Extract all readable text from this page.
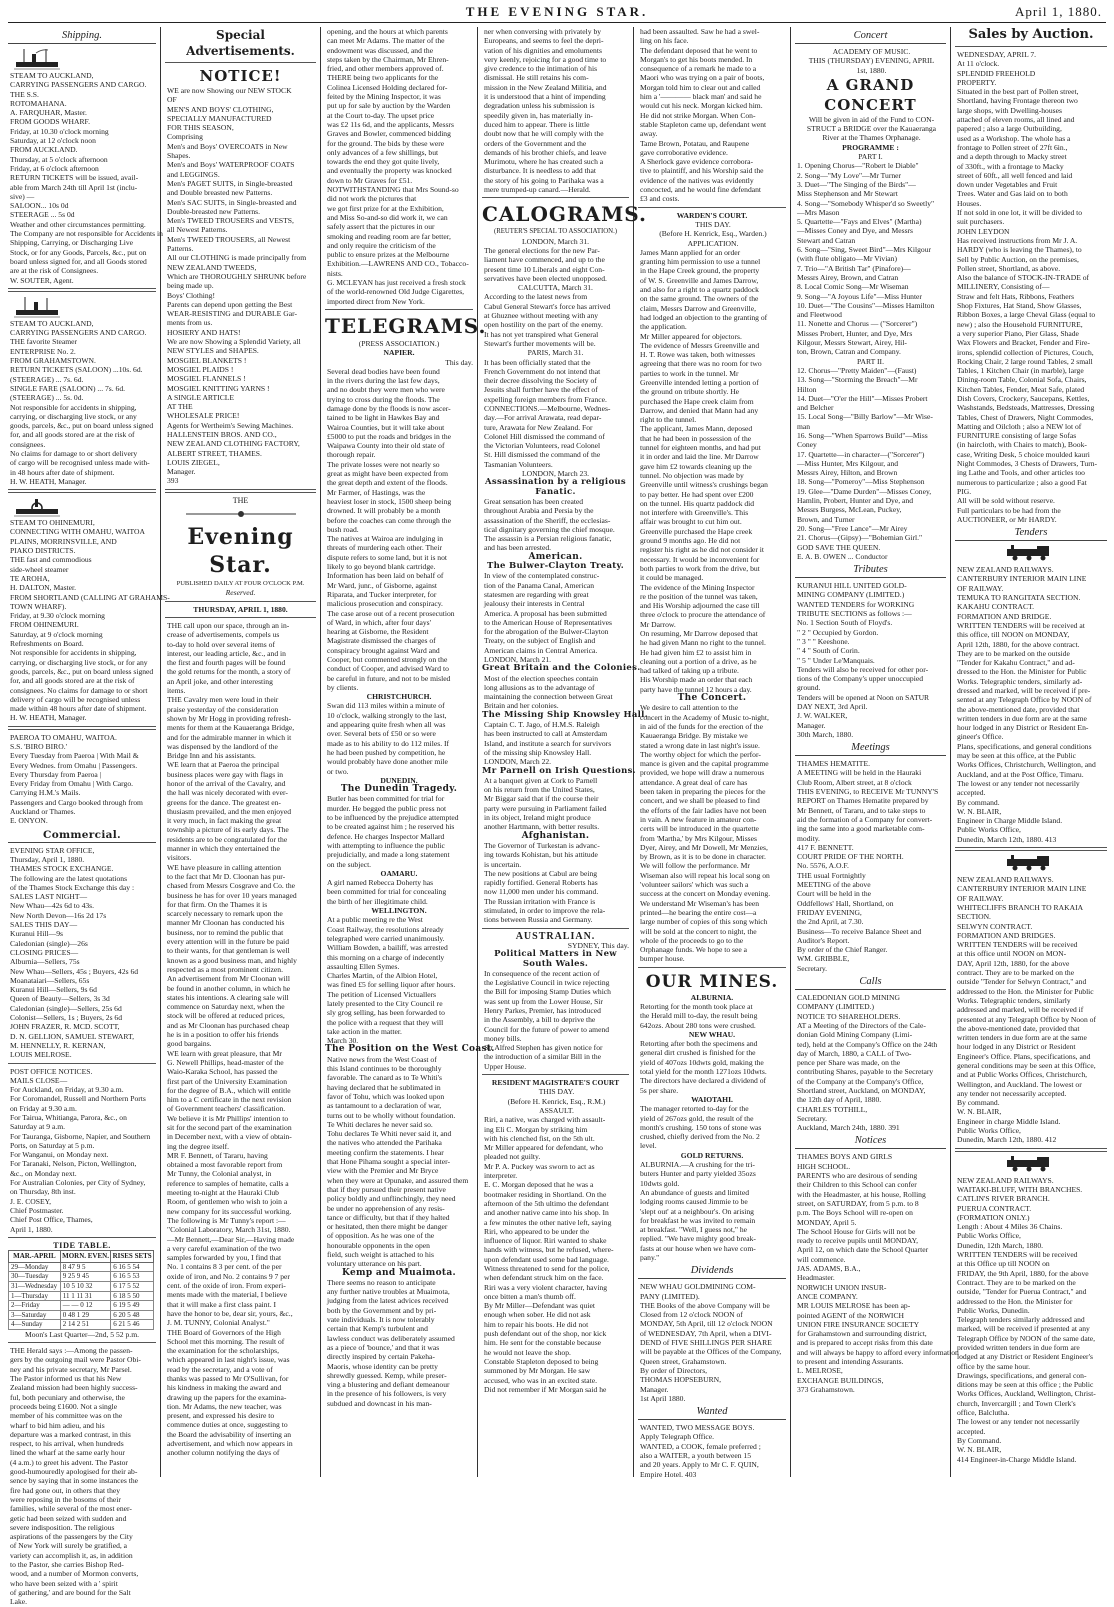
THE EVENING STAR.	April 1, 1880.
Shipping.
STEAM TO AUCKLAND,
CARRYING PASSENGERS AND CARGO.
THE S.S.
ROTOMAHANA.
A. FARQUHAR, Master.
FROM GOODS WHARF.
Friday, at 10.30 o'clock morning
Saturday, at 12 o'clock noon
FROM AUCKLAND.
Thursday, at 5 o'clock afternoon
Friday, at 6 o'clock afternoon
RETURN TICKETS will be issued, avail-
able from March 24th till April 1st (inclu-
sive) —
SALOON... 10s 0d
STEERAGE ... 5s 0d
Weather and other circumstances permitting.
The Company are not responsible for Accidents in
Shipping, Carrying, or Discharging Live
Stock, or for any Goods, Parcels, &c., put on
board unless signed for, and all Goods stored
are at the risk of Consignees.
W. SOUTER, Agent.
STEAM TO AUCKLAND,
CARRYING PASSENGERS AND CARGO.
THE favorite Steamer
ENTERPRISE No. 2.
FROM GRAHAMSTOWN.
RETURN TICKETS (SALOON) ...10s. 6d.
(STEERAGE) ... 7s. 6d.
SINGLE FARE (SALOON) ... 7s. 6d.
(STEERAGE) ... 5s. 0d.
Not responsible for accidents in shipping,
carrying, or discharging live stock, or any
goods, parcels, &c., put on board unless signed
for, and all goods stored are at the risk of
consignees.
No claims for damage to or short delivery
of cargo will be recognised unless made with-
in 48 hours after date of shipment.
H. W. HEATH, Manager.
STEAM TO OHINEMURI,
CONNECTING WITH OMAHU, WAITOA
PLAINS, MORRINSVILLE, AND
PIAKO DISTRICTS.
THE fast and commodious
side-wheel steamer
TE AROHA,
H. DALTON, Master.
FROM SHORTLAND (CALLING AT GRAHAMS-
TOWN WHARF).
Friday, at 9.30 o'clock morning
FROM OHINEMURI.
Saturday, at 9 o'clock morning
Refreshments on Board.
Not responsible for accidents in shipping,
carrying, or discharging live stock, or for any
goods, parcels, &c., put on board unless signed
for, and all goods stored are at the risk of
consignees. No claims for damage to or short
delivery of cargo will be recognised unless
made within 48 hours after date of shipment.
H. W. HEATH, Manager.
PAEROA TO OMAHU, WAITOA.
S.S. 'BIRO BIRO.'
Every Tuesday from Paeroa | With Mail &
Every Wednes. from Omahu | Passengers.
Every Thursday from Paeroa |
Every Friday from Omahu | With Cargo.
Carrying H.M.'s Mails.
Passengers and Cargo booked through from
Auckland or Thames.
E. ONYON.
Commercial.
EVENING STAR OFFICE,
Thursday, April 1, 1880.
THAMES STOCK EXCHANGE.
The following are the latest quotations
of the Thames Stock Exchange this day :
SALES LAST NIGHT—
New Whau—42s 6d to 43s.
New North Devon—16s 2d 17s
SALES THIS DAY—
Kuranui Hill—9s
Caledonian (single)—26s
CLOSING PRICES—
Alburnia—Sellers, 75s
New Whau—Sellers, 45s ; Buyers, 42s 6d
Moanataiari—Sellers, 65s
Kuranui Hill—Sellers, 9s 6d
Queen of Beauty—Sellers, 3s 3d
Caledonian (single)—Sellers, 25s 6d
Colonist—Sellers, 1s ; Buyers, 2s 6d
JOHN FRAZER, R. MCD. SCOTT,
D. N. GELLION, SAMUEL STEWART,
M. HENNELLY, R. KERNAN,
LOUIS MELROSE.
POST OFFICE NOTICES.
MAILS CLOSE—
For Auckland, on Friday, at 9.30 a.m.
For Coromandel, Russell and Northern Ports
on Friday at 9.30 a.m.
For Tairua, Whitianga, Parora, &c., on
Saturday at 9 a.m.
For Tauranga, Gisborne, Napier, and Southern
Ports, on Saturday at 5 p.m.
For Wanganui, on Monday next.
For Taranaki, Nelson, Picton, Wellington,
&c., on Monday next.
For Australian Colonies, per City of Sydney,
on Thursday, 8th inst.
J. E. COSEY,
Chief Postmaster.
Chief Post Office, Thames,
April 1, 1880.
TIDE TABLE.
MAR.-APRIL	MORN. EVEN.	RISES SETS
29—Monday	8 47 9 5	6 16 5 54
30—Tuesday	9 25 9 45	6 16 5 53
31—Wednesday	10 5 10 32	6 17 5 52
1—Thursday	11 1 11 31	6 18 5 50
2—Friday	— — 0 12	6 19 5 49
3—Saturday	0 48 1 29	6 20 5 48
4—Sunday	2 14 2 51	6 21 5 46
Moon's Last Quarter—2nd, 5 52 p.m.
THE Herald says :—Among the passen-
gers by the outgoing mail were Pastor Obi-
ney and his private secretary, Mr Parsel.
The Pastor informed us that his New
Zealand mission had been highly success-
ful, both pecuniary and otherwise, the
proceeds being £1600. Not a single
member of his committee was on the
wharf to bid him adieu, and his
departure was a marked contrast, in this
respect, to his arrival, when hundreds
lined the wharf at the same early hour
(4 a.m.) to greet his advent. The Pastor
good-humouredly apologised for their ab-
sence by saying that in some instances the
fire had gone out, in others that they
were reposing in the bosoms of their
families, while several of the most ener-
getic had been seized with sudden and
severe indisposition. The religious
aspirations of the passengers by the City
of New York will surely be gratified, a
variety can accomplish it, as, in addition
to the Pastor, she carries Bishop Red-
wood, and a number of Mormon converts,
who have been seized with a ' spirit
of gathering,' and are bound for the Salt
Lake.
Special Advertisements.
NOTICE!
WE are now Showing our NEW STOCK
OF
MEN'S AND BOYS' CLOTHING,
SPECIALLY MANUFACTURED
FOR THIS SEASON,
Comprising
Men's and Boys' OVERCOATS in New
Shapes.
Men's and Boys' WATERPROOF COATS
and LEGGINGS.
Men's PAGET SUITS, in Single-breasted
and Double breasted new Patterns.
Men's SAC SUITS, in Single-breasted and
Double-breasted new Patterns.
Men's TWEED TROUSERS and VESTS,
all Newest Patterns.
Men's TWEED TROUSERS, all Newest
Patterns.
All our CLOTHING is made principally from
NEW ZEALAND TWEEDS,
Which are THOROUGHLY SHRUNK before
being made up.
Boys' Clothing!
Parents can depend upon getting the Best
WEAR-RESISTING and DURABLE Gar-
ments from us.
HOSIERY AND HATS!
We are now Showing a Splendid Variety, all
NEW STYLES and SHAPES.
MOSGIEL BLANKETS !
MOSGIEL PLAIDS !
MOSGIEL FLANNELS !
MOSGIEL KNITTING YARNS !
A SINGLE ARTICLE
AT THE
WHOLESALE PRICE!
Agents for Wertheim's Sewing Machines.
HALLENSTEIN BROS. AND CO.,
NEW ZEALAND CLOTHING FACTORY,
ALBERT STREET, THAMES.
LOUIS ZIEGEL,
Manager.
393
THE
Evening Star.
PUBLISHED DAILY AT FOUR O'CLOCK P.M.
Reserved.
THURSDAY, APRIL 1, 1880.
THE call upon our space, through an in-
crease of advertisements, compels us
to-day to hold over several items of
interest, our leading article, &c., and in
the first and fourth pages will be found
the gold returns for the month, a story of
an April joke, and other interesting
items.
THE Cavalry men were loud in their
praise yesterday of the consideration
shown by Mr Hogg in providing refresh-
ments for them at the Kauaeranga Bridge,
and for the admirable manner in which it
was dispensed by the landlord of the
Bridge Inn and his assistants.
WE learn that at Paeroa the principal
business places were gay with flags in
honor of the arrival of the Cavalry, and
the hall was nicely decorated with ever-
greens for the dance. The greatest en-
thusiasm prevailed, and the men enjoyed
it very much, in fact making the great
township a picture of its early days. The
residents are to be congratulated for the
manner in which they entertained the
visitors.
WE have pleasure in calling attention
to the fact that Mr D. Cloonan has pur-
chased from Messrs Cosgrave and Co. the
business he has for over 10 years managed
for that firm. On the Thames it is
scarcely necessary to remark upon the
manner Mr Cloonan has conducted his
business, nor to remind the public that
every attention will in the future be paid
to their wants, for that gentleman is well
known as a good business man, and highly
respected as a most prominent citizen.
An advertisement from Mr Cloonan will
be found in another column, in which he
states his intentions. A clearing sale will
commence on Saturday next, when the
stock will be offered at reduced prices,
and as Mr Cloonan has purchased cheap
he is in a position to offer his friends
good bargains.
WE learn with great pleasure, that Mr
G. Newell Phillips, head-master of the
Waio-Karaka School, has passed the
first part of the University Examination
for the degree of B.A., which will entitle
him to a C certificate in the next revision
of Government teachers' classification.
We believe it is Mr Phillips' intention to
sit for the second part of the examination
in December next, with a view of obtain-
ing the degree itself.
MR F. Bennett, of Tararu, having
obtained a most favorable report from
Mr Tunny, the Colonial analyst, in
reference to samples of hematite, calls a
meeting to-night at the Hauraki Club
Room, of gentlemen who wish to join a
new company for its successful working.
The following is Mr Tunny's report :—
"Colonial Laboratory, March 31st, 1880.
—Mr Bennett,—Dear Sir,—Having made
a very careful examination of the two
samples forwarded by you, I find that
No. 1 contains 8 3 per cent. of the per
oxide of iron, and No. 2 contains 9 7 per
cent. of the oxide of iron. From experi-
ments made with the material, I believe
that it will make a first class paint. I
have the honor to be, dear sir, yours, &c.,
J. M. TUNNY, Colonial Analyst."
THE Board of Governors of the High
School met this morning. The result of
the examination for the scholarships,
which appeared in last night's issue, was
read by the secretary, and a vote of
thanks was passed to Mr O'Sullivan, for
his kindness in making the award and
drawing up the papers for the examina-
tion. Mr Adams, the new teacher, was
present, and expressed his desire to
commence duties at once, suggesting to
the Board the advisability of inserting an
advertisement, and which now appears in
another column notifying the days of
opening, and the hours at which parents
can meet Mr Adams. The matter of the
endowment was discussed, and the
steps taken by the Chairman, Mr Ehren-
fried, and other members approved of.
THERE being two applicants for the
Colinea Licensed Holding declared for-
feited by the Mining Inspector, it was
put up for sale by auction by the Warden
at the Court to-day. The upset price
was £2 11s 6d, and the applicants, Messrs
Graves and Bowler, commenced bidding
for the ground. The bids by these were
only advances of a few shillings, but
towards the end they got quite lively,
and eventually the property was knocked
down to Mr Graves for £51.
NOTWITHSTANDING that Mrs Sound-so
did not work the pictures that
we got first prize for at the Exhibition,
and Miss So-and-so did work it, we can
safely assert that the pictures in our
smoking and reading room are far better,
and only require the criticism of the
public to ensure prizes at the Melbourne
Exhibition.—LAWRENS AND CO., Tobacco-
nists.
G. MCLEYAN has just received a fresh stock
of the world-renowned Old Judge Cigarettes,
imported direct from New York.
TELEGRAMS.
(PRESS ASSOCIATION.)
NAPIER.
This day.
Several dead bodies have been found
in the rivers during the last few days,
and no doubt they were men who were
trying to cross during the floods. The
damage done by the floods is now ascer-
tained to be light in Hawkes Bay and
Wairoa Counties, but it will take about
£5000 to put the roads and bridges in the
Waipawa County into their old state of
thorough repair.
The private losses were not nearly so
great as might have been expected from
the great depth and extent of the floods.
Mr Farmer, of Hastings, was the
heaviest loser in stock, 1500 sheep being
drowned. It will probably be a month
before the coaches can come through the
bush road.
The natives at Wairoa are indulging in
threats of murdering each other. Their
dispute refers to some land, but it is not
likely to go beyond blank cartridge.
Information has been laid on behalf of
Mr Ward, junr., of Gisborne, against
Riparata, and Tucker interpreter, for
malicious prosecution and conspiracy.
The case arose out of a recent prosecution
of Ward, in which, after four days'
hearing at Gisborne, the Resident
Magistrate dismissed the charges of
conspiracy brought against Ward and
Cooper, but commented strongly on the
conduct of Cooper, and advised Ward to
be careful in future, and not to be misled
by clients.
CHRISTCHURCH.
Swan did 113 miles within a minute of
10 o'clock, walking strongly to the last,
and appearing quite fresh when all was
over. Several bets of £50 or so were
made as to his ability to do 112 miles. If
he had been pushed by competition, he
would probably have done another mile
or two.
DUNEDIN.
The Dunedin Tragedy.
Butler has been committed for trial for
murder. He begged the public press not
to be influenced by the prejudice attempted
to be created against him ; he reserved his
defence. He charges Inspector Mallard
with attempting to influence the public
prejudicially, and made a long statement
on the subject.
OAMARU.
A girl named Rebecca Doherty has
been committed for trial for concealing
the birth of her illegitimate child.
WELLINGTON.
At a public meeting re the West
Coast Railway, the resolutions already
telegraphed were carried unanimously.
William Bowden, a bailiff, was arrested
this morning on a charge of indecently
assaulting Ellen Symes.
Charles Martin, of the Albion Hotel,
was fined £5 for selling liquor after hours.
The petition of Licensed Victuallers
lately presented to the City Council re
sly grog selling, has been forwarded to
the police with a request that they will
take action in the matter.
March 30.
The Position on the West Coast.
Native news from the West Coast of
this Island continues to be thoroughly
favorable. The canard as to Te Whiti's
having declared that he sublimated in
favor of Tohu, which was looked upon
as tantamount to a declaration of war,
turns out to be wholly without foundation.
Te Whiti declares he never said so.
Tohu declares Te Whiti never said it, and
the natives who attended the Parihaka
meeting confirm the statements. I hear
that Hone Pihama sought a special inter-
view with the Premier and Mr Bryce
when they were at Opunake, and assured them
that if they pursued their present native
policy boldly and unflinchingly, they need
be under no apprehension of any resis-
tance or difficulty, but that if they halted
or hesitated, then there might be danger
of opposition. As he was one of the
honourable opponents in the open
field, such weight is attached to his
voluntary utterance on his part.
Kemp and Muaimota.
There seems no reason to anticipate
any further native troubles at Muaimota,
judging from the latest advices received
both by the Government and by pri-
vate individuals. It is now tolerably
certain that Kemp's turbulent and
lawless conduct was deliberately assumed
as a piece of 'bounce,' and that it was
directly inspired by certain Pakeha-
Maoris, whose identity can be pretty
shrewdly guessed. Kemp, while preser-
ving a blustering and defiant demeanour
in the presence of his followers, is very
subdued and downcast in his man-
ner when conversing with privately by
Europeans, and seems to feel the depri-
vation of his dignities and emoluments
very keenly, rejoicing for a good time to
give credence to the intimation of his
dismissal. He still retains his com-
mission in the New Zealand Militia, and
it is understood that a hint of impending
degradation unless his submission is
speedily given in, has materially in-
duced him to appear. There is little
doubt now that he will comply with the
orders of the Government and the
demands of his brother chiefs, and leave
Murimotu, where he has created such a
disturbance. It is needless to add that
the story of his going to Parihaka was a
mere trumped-up canard.—Herald.
CALOGRAMS.
(REUTER'S SPECIAL TO ASSOCIATION.)
LONDON, March 31.
The general elections for the new Par-
liament have commenced, and up to the
present time 10 Liberals and eight Con-
servatives have been elected unopposed.
CALCUTTA, March 31.
According to the latest news from
Cabul General Stewart's force has arrived
at Ghuznee without meeting with any
open hostility on the part of the enemy.
It has not yet transpired what General
Stewart's further movements will be.
PARIS, March 31.
It has been officially stated that the
French Government do not intend that
their decree dissolving the Society of
Jesuits shall further have the effect of
expelling foreign members from France.
CONNECTIONS.—Melbourne, Wednes-
day.—For arrival Arawata, read depar-
ture, Arawata for New Zealand. For
Colonel Hill dismissed the command of
the Victorian Volunteers, read Colonel
St. Hill dismissed the command of the
Tasmanian Volunteers.
LONDON, March 23.
Assassination by a religious Fanatic.
Great sensation has been created
throughout Arabia and Persia by the
assassination of the Sheriff, the ecclesias-
tical dignitary governing the chief mosque.
The assassin is a Persian religious fanatic,
and has been arrested.
American.
The Bulwer-Clayton Treaty.
In view of the contemplated construc-
tion of the Panama Canal, American
statesmen are regarding with great
jealousy their interests in Central
America. A proposal has been submitted
to the American House of Representatives
for the abrogation of the Bulwer-Clayton
Treaty, on the subject of English and
American claims in Central America.
LONDON, March 21.
Great Britain and the Colonies.
Most of the election speeches contain
long allusions as to the advantage of
maintaining the connection between Great
Britain and her colonies.
The Missing Ship Knowsley Hall.
Captain C. T. Jago, of H.M.S. Raleigh
has been instructed to call at Amsterdam
Island, and institute a search for survivors
of the missing ship Knowsley Hall.
LONDON, March 22.
Mr Parnell on Irish Questions.
At a banquet given at Cork to Parnell
on his return from the United States,
Mr Biggar said that if the course their
party were pursuing in Parliament failed
in its object, Ireland might produce
another Hartmann, with better results.
Afghanistan.
The Governor of Turkestan is advanc-
ing towards Kohistan, but his attitude
is uncertain.
The new positions at Cabul are being
rapidly fortified. General Roberts has
now 11,000 men under his command.
The Russian irritation with France is
stimulated, in order to improve the rela-
tions between Russia and Germany.
AUSTRALIAN.
SYDNEY, This day.
Political Matters in New South Wales.
In consequence of the recent action of
the Legislative Council in twice rejecting
the Bill for imposing Stamp Duties which
was sent up from the Lower House, Sir
Henry Parkes, Premier, has introduced
in the Assembly, a bill to deprive the
Council for the future of power to amend
money bills.
Sir Alfred Stephen has given notice for
the introduction of a similar Bill in the
Upper House.
RESIDENT MAGISTRATE'S COURT
THIS DAY.
(Before H. Kenrick, Esq., R.M.)
ASSAULT.
Riri, a native, was charged with assault-
ing Eli C. Morgan by striking him
with his clenched fist, on the 5th ult.
Mr Miller appeared for defendant, who
pleaded not guilty.
Mr P. A. Puckey was sworn to act as
interpreter.
E. C. Morgan deposed that he was a
bootmaker residing in Shortland. On the
afternoon of the 5th ultimo the defendant
and another native came into his shop. In
a few minutes the other native left, saying
Riri, who appeared to be under the
influence of liquor. Riri wanted to shake
hands with witness, but he refused, where-
upon defendant used some bad language.
Witness threatened to send for the police,
when defendant struck him on the face.
Riri was a very violent character, having
once bitten a man's thumb off.
By Mr Miller—Defendant was quiet
enough when sober. He did not ask
him to repair his boots. He did not
push defendant out of the shop, nor kick
him. He sent for the constable because
he would not leave the shop.
Constable Stapleton deposed to being
summoned by Mr Morgan. He saw
accused, who was in an excited state.
Did not remember if Mr Morgan said he
had been assaulted. Saw he had a swel-
ling on his face.
The defendant deposed that he went to
Morgan's to get his boots mended. In
consequence of a remark he made to a
Maori who was trying on a pair of boots,
Morgan told him to clear out and called
him a '———— black man' and said he
would cut his neck. Morgan kicked him.
He did not strike Morgan. When Con-
stable Stapleton came up, defendant went
away.
Tame Brown, Potatau, and Raupene
gave corroborative evidence.
A Sherlock gave evidence corrobora-
tive to plaintiff, and his Worship said the
evidence of the natives was evidently
concocted, and he would fine defendant
£3 and costs.
WARDEN'S COURT.
THIS DAY.
(Before H. Kenrick, Esq., Warden.)
APPLICATION.
James Mann applied for an order
granting him permission to use a tunnel
in the Hape Creek ground, the property
of W. S. Greenville and James Darrow,
and also for a right to a quartz paddock
on the same ground. The owners of the
claim, Messrs Darrow and Greenville,
had lodged an objection to the granting of
the application.
Mr Miller appeared for objectors.
The evidence of Messrs Greenville and
H. T. Rowe was taken, both witnesses
agreeing that there was no room for two
parties to work in the tunnel. Mr
Greenville intended letting a portion of
the ground on tribute shortly. He
purchased the Hape creek claim from
Darrow, and denied that Mann had any
right to the tunnel.
The applicant, James Mann, deposed
that he had been in possession of the
tunnel for eighteen months, and had put
it in order and laid the line. Mr Darrow
gave him £2 towards cleaning up the
tunnel. No objection was made by
Greenville until witness's crushings began
to pay better. He had spent over £200
on the tunnel. His quartz paddock did
not interfere with Greenville's. This
affair was brought to cut him out.
Greenville purchased the Hape creek
ground 9 months ago. He did not
register his right as he did not consider it
necessary. It would be inconvenient for
both parties to work from the drive, but
it could be managed.
The evidence of the Mining Inspector
re the position of the tunnel was taken,
and His Worship adjourned the case till
three o'clock to procure the attendance of
Mr Darrow.
On resuming, Mr Darrow deposed that
he had given Mann no right to the tunnel.
He had given him £2 to assist him in
cleaning out a portion of a drive, as he
had talked of taking up a tribute.
His Worship made an order that each
party have the tunnel 12 hours a day.
The Concert.
We desire to call attention to the
concert in the Academy of Music to-night,
in aid of the funds for the erection of the
Kauaeranga Bridge. By mistake we
stated a wrong date in last night's issue.
The worthy object for which the perfor-
mance is given and the capital programme
provided, we hope will draw a numerous
attendance. A great deal of care has
been taken in preparing the pieces for the
concert, and we shall be pleased to find
the efforts of the fair ladies have not been
in vain. A new feature in amateur con-
certs will be introduced in the quartette
from 'Martha,' by Mrs Kilgour, Misses
Dyer, Airey, and Mr Dowell, Mr Menzies,
by Brown, as it is to be done in character.
We will follow the performance. Mr
Wiseman also will repeat his local song on
'volunteer sailors' which was such a
success at the concert on Monday evening.
We understand Mr Wiseman's has been
printed—he bearing the entire cost—a
large number of copies of this song which
will be sold at the concert to night, the
whole of the proceeds to go to the
Orphanage funds. We hope to see a
bumper house.
OUR MINES.
ALBURNIA.
Retorting for the month took place at
the Herald mill to-day, the result being
642ozs. About 280 tons were crushed.
NEW WHAU.
Retorting after both the specimens and
general dirt crushed is finished for the
yield of 407ozs 10dwts gold, making the
total yield for the month 1271ozs 10dwts.
The directors have declared a dividend of
5s per share.
WAIOTAHI.
The manager retorted to-day for the
yield of 267ozs gold, the result of the
month's crushing. 150 tons of stone was
crushed, chiefly derived from the No. 2
level.
GOLD RETURNS.
ALBURNIA.—A crushing for the tri-
buters Hunter and party yielded 35ozs
10dwts gold.
An abundance of guests and limited
lodging rooms caused Jimmie to be
'slept out' at a neighbour's. On arising
for breakfast he was invited to remain
at breakfast. "Well, I guess not," he
replied. "We have mighty good break-
fasts at our house when we have com-
pany."
Dividends
NEW WHAU GOLDMINING COM-
PANY (LIMITED).
THE Books of the above Company will be
Closed from 12 o'clock NOON of
MONDAY, 5th April, till 12 o'clock NOON
of WEDNESDAY, 7th April, when a DIVI-
DEND of FIVE SHILLINGS PER SHARE
will be payable at the Offices of the Company,
Queen street, Grahamstown.
By order of Directors,
THOMAS HOPSEBURN,
Manager.
1st April 1880.
Wanted
WANTED, TWO MESSAGE BOYS.
Apply Telegraph Office.
WANTED, a COOK, female preferred ;
also a WAITER, a youth between 15
and 20 years. Apply to Mr C. F. QUIN,
Empire Hotel. 403
Concert
ACADEMY OF MUSIC.
THIS (THURSDAY) EVENING, APRIL
1st, 1880.
A GRAND CONCERT
Will be given in aid of the Fund to CON-
STRUCT a BRIDGE over the Kauaeranga
River at the Thames Orphanage.
PROGRAMME :
PART I.
1. Opening Chorus—"Robert le Diable"
2. Song—"My Love"—Mr Turner
3. Duet—"The Singing of the Birds"—
Miss Stephenson and Mr Stewart
4. Song—"Somebody Whisper'd so Sweetly"
—Mrs Mason
5. Quartette—"Fays and Elves" (Martha)
—Misses Coney and Dye, and Messrs
Stewart and Catran
6. Song—"Sing, Sweet Bird"—Mrs Kilgour
(with flute obligato—Mr Vivian)
7. Trio—"A British Tar" (Pinafore)—
Messrs Airey, Brown, and Catran
8. Local Comic Song—Mr Wiseman
9. Song—"A Joyous Life"—Miss Hunter
10. Duet—"The Cousins"—Misses Hamilton
and Fleetwood
11. Nonette and Chorus — ("Sorcerer")
Misses Probert, Hunter, and Dye, Mrs
Kilgour, Messrs Stewart, Airey, Hil-
ton, Brown, Catran and Company.
PART II.
12. Chorus—"Pretty Maiden"—(Faust)
13. Song—"Storming the Breach"—Mr
Hilton
14. Duet—"O'er the Hill"—Misses Probert
and Belcher
15. Local Song—"Billy Barlow"—Mr Wise-
man
16. Song—"When Sparrows Build"—Miss
Coney
17. Quartette—in character—("Sorcerer")
—Miss Hunter, Mrs Kilgour, and
Messrs Airey, Hilton, and Brown
18. Song—"Pomeroy"—Miss Stephenson
19. Glee—"Dame Durden"—Misses Coney,
Hamlin, Probert, Hunter and Dye, and
Messrs Burgess, McLean, Puckey,
Brown, and Turner
20. Song—"Free Lance"—Mr Airey
21. Chorus—(Gipsy)—"Bohemian Girl."
GOD SAVE THE QUEEN.
E. A. B. OWEN ... Conductor
Tributes
KURANUI HILL UNITED GOLD-
MINING COMPANY (LIMITED.)
WANTED TENDERS for WORKING
TRIBUTE SECTIONS as follows :—
No. 1 Section South of Floyd's.
" 2 " Occupied by Gordon.
" 3 " " Keeshone.
" 4 " South of Corin.
" 5 " Under Le'Manquais.
Tenders will also be received for other por-
tions of the Company's upper unoccupied
ground.
Tenders will be opened at Noon on SATUR
DAY NEXT, 3rd April.
J. W. WALKER,
Manager.
30th March, 1880.
Meetings
THAMES HEMATITE.
A MEETING will be held in the Hauraki
Club Room, Albert street, at 8 o'clock
THIS EVENING, to RECEIVE Mr TUNNY'S
REPORT on Thames Hematite prepared by
Mr Bennett, of Tararu, and to take steps to
aid the formation of a Company for convert-
ing the same into a good marketable com-
modity.
417 F. BENNETT.
COURT PRIDE OF THE NORTH.
No. 5576, A.O.F.
THE usual Fortnightly
MEETING of the above
Court will be held in the
Oddfellows' Hall, Shortland, on
FRIDAY EVENING,
the 2nd April, at 7.30.
Business—To receive Balance Sheet and
Auditor's Report.
By order of the Chief Ranger.
WM. GRIBBLE,
Secretary.
Calls
CALEDONIAN GOLD MINING
COMPANY (LIMITED.)
NOTICE TO SHAREHOLDERS.
AT a Meeting of the Directors of the Cale-
donian Gold Mining Company (Limi-
ted), held at the Company's Office on the 24th
day of March, 1880, a CALL of Two-
pence per Share was made, on the
contributing Shares, payable to the Secretary
of the Company at the Company's Office,
Shortland street, Auckland, on MONDAY,
the 12th day of April, 1880.
CHARLES TOTHILL,
Secretary.
Auckland, March 24th, 1880. 391
Notices
THAMES BOYS AND GIRLS
HIGH SCHOOL.
PARENTS who are desirous of sending
their Children to this School can confer
with the Headmaster, at his house, Rolling
street, on SATURDAY, from 5 p.m. to 8
p.m. The Boys School will re-open on
MONDAY, April 5.
The School House for Girls will not be
ready to receive pupils until MONDAY,
April 12, on which date the School Quarter
will commence.
JAS. ADAMS, B.A.,
Headmaster.
NORWICH UNION INSUR-
ANCE COMPANY.
MR LOUIS MELROSE has been ap-
pointed AGENT of the NORWICH
UNION FIRE INSURANCE SOCIETY
for Grahamstown and surrounding district,
and is prepared to accept risks from this date
and will always be happy to afford every information
to present and intending Assurants.
L. MELROSE,
EXCHANGE BUILDINGS,
373 Grahamstown.
Sales by Auction.
WEDNESDAY, APRIL 7.
At 11 o'clock.
SPLENDID FREEHOLD
PROPERTY.
Situated in the best part of Pollen street,
Shortland, having Frontage thereon two
large shops, with Dwelling-houses
attached of eleven rooms, all lined and
papered ; also a large Outbuilding,
used as a Workshop. The whole has a
frontage to Pollen street of 27ft 6in.,
and a depth through to Macky street
of 330ft., with a frontage to Macky
street of 60ft., all well fenced and laid
down under Vegetables and Fruit
Trees. Water and Gas laid on to both
Houses.
If not sold in one lot, it will be divided to
suit purchasers.
JOHN LEYDON
Has received instructions from Mr J. A.
HARDY (who is leaving the Thames), to
Sell by Public Auction, on the premises,
Pollen street, Shortland, as above.
Also the balance of STOCK-IN-TRADE of
MILLINERY, Consisting of—
Straw and felt Hats, Ribbons, Feathers
Shop Fixtures, Hat Stand, Show Glasses,
Ribbon Boxes, a large Cheval Glass (equal to
new) ; also the Household FURNITURE,
a very superior Piano, Pier Glass, Shade
Wax Flowers and Bracket, Fender and Fire-
irons, splendid collection of Pictures, Couch,
Rocking Chair, 2 large round Tables, 2 small
Tables, 1 Kitchen Chair (in marble), large
Dining-room Table, Colonial Sofa, Chairs,
Kitchen Tables, Fender, Meat Safe, plated
Dish Covers, Crockery, Saucepans, Kettles,
Washstands, Bedsteads, Mattresses, Dressing
Tables, Chest of Drawers, Night Commodes,
Matting and Oilcloth ; also a NEW lot of
FURNITURE consisting of large Sofas
(in haircloth, with Chairs to match), Book-
case, Writing Desk, 5 choice moulded kauri
Night Commodes, 3 Chests of Drawers, Turn-
ing Lathe and Tools, and other articles too
numerous to particularize ; also a good Fat
PIG.
All will be sold without reserve.
Full particulars to be had from the
AUCTIONEER, or Mr HARDY.
Tenders
NEW ZEALAND RAILWAYS.
CANTERBURY INTERIOR MAIN LINE
OF RAILWAY.
TEMUKA TO RANGITATA SECTION.
KAKAHU CONTRACT.
FORMATION AND BRIDGE.
WRITTEN TENDERS will be received at
this office, till NOON on MONDAY,
April 12th, 1880, for the above contract.
They are to be marked on the outside
"Tender for Kakahu Contract," and ad-
dressed to the Hon. the Minister for Public
Works. Telegraphic tenders, similarly ad-
dressed and marked, will be received if pre-
sented at any Telegraph Office by NOON of
the above-mentioned date, provided that
written tenders in due form are at the same
hour lodged in any District or Resident En-
gineer's Office.
Plans, specifications, and general conditions
may be seen at this office, at the Public
Works Offices, Christchurch, Wellington, and
Auckland, and at the Post Office, Timaru.
The lowest or any tender not necessarily
accepted.
By command.
W. N. BLAIR,
Engineer in Charge Middle Island.
Public Works Office,
Dunedin, March 12th, 1880. 413
NEW ZEALAND RAILWAYS.
CANTERBURY INTERIOR MAIN LINE
OF RAILWAY.
WHITECLIFFS BRANCH TO RAKAIA
SECTION.
SELWYN CONTRACT.
FORMATION AND BRIDGES.
WRITTEN TENDERS will be received
at this office until NOON on MON-
DAY, April 12th, 1880, for the above
contract. They are to be marked on the
outside "Tender for Selwyn Contract," and
addressed to the Hon. the Minister for Public
Works. Telegraphic tenders, similarly
addressed and marked, will be received if
presented at any Telegraph Office by Noon of
the above-mentioned date, provided that
written tenders in due form are at the same
hour lodged in any District or Resident
Engineer's Office. Plans, specifications, and
general conditions may be seen at this Office,
and at Public Works Offices, Christchurch,
Wellington, and Auckland. The lowest or
any tender not necessarily accepted.
By command.
W. N. BLAIR,
Engineer in charge Middle Island.
Public Works Office,
Dunedin, March 12th, 1880. 412
NEW ZEALAND RAILWAYS.
WAITAKI-BLUFF, WITH BRANCHES.
CATLIN'S RIVER BRANCH.
PUERUA CONTRACT.
(FORMATION ONLY.)
Length : About 4 Miles 36 Chains.
Public Works Office,
Dunedin, 12th March, 1880.
WRITTEN TENDERS will be received
at this Office up till NOON on
FRIDAY, the 9th April, 1880, for the above
Contract. They are to be marked on the
outside, "Tender for Puerua Contract," and
addressed to the Hon. the Minister for
Public Works, Dunedin.
Telegraph tenders similarly addressed and
marked, will be received if presented at any
Telegraph Office by NOON of the same date,
provided written tenders in due form are
lodged at any District or Resident Engineer's
office by the same hour.
Drawings, specifications, and general con-
ditions may be seen at this office ; the Public
Works Offices, Auckland, Wellington, Christ-
church, Invercargill ; and Town Clerk's
office, Balclutha.
The lowest or any tender not necessarily
accepted.
By Command.
W. N. BLAIR,
414 Engineer-in-Charge Middle Island.
